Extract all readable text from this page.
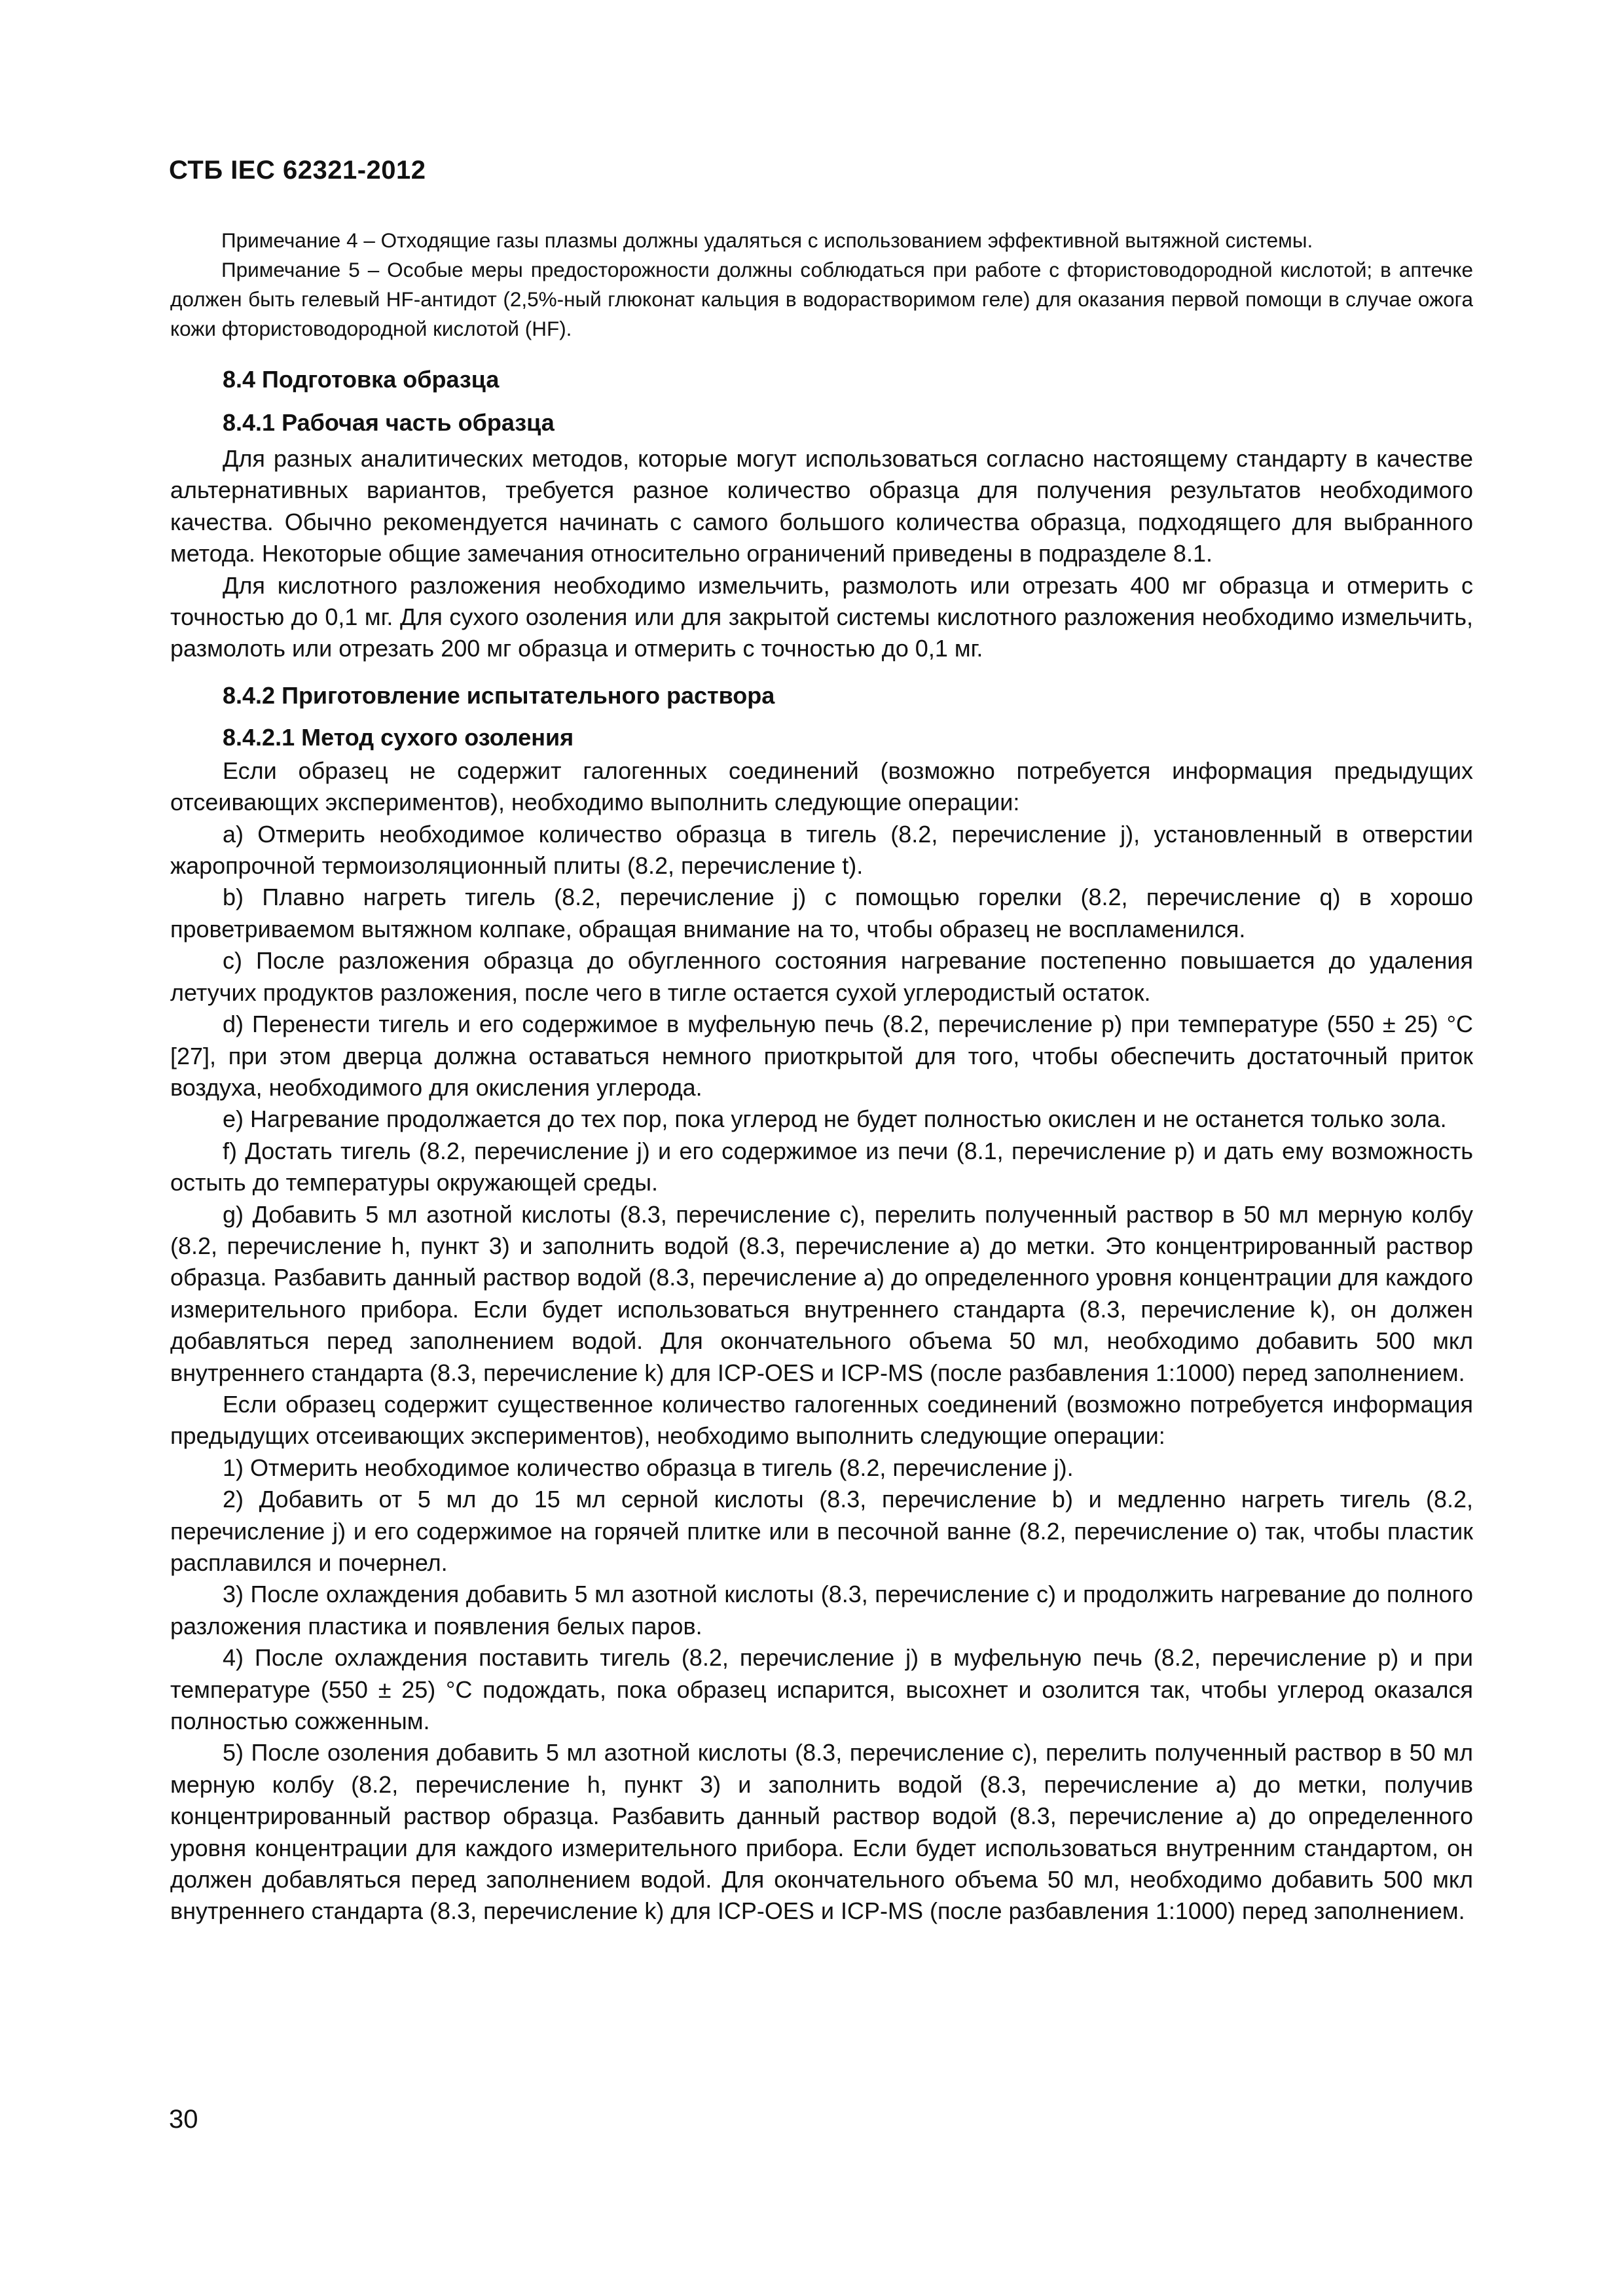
СТБ IEC 62321-2012

Примечание 4 – Отходящие газы плазмы должны удаляться с использованием эффективной вытяжной системы.

Примечание 5 – Особые меры предосторожности должны соблюдаться при работе с фтористоводородной кислотой; в аптечке должен быть гелевый HF-антидот (2,5%-ный глюконат кальция в водорастворимом геле) для оказания первой помощи в случае ожога кожи фтористоводородной кислотой (HF).

8.4 Подготовка образца
8.4.1 Рабочая часть образца

Для разных аналитических методов, которые могут использоваться согласно настоящему стандарту в качестве альтернативных вариантов, требуется разное количество образца для получения результатов необходимого качества. Обычно рекомендуется начинать с самого большого количества образца, подходящего для выбранного метода. Некоторые общие замечания относительно ограничений приведены в подразделе 8.1.

Для кислотного разложения необходимо измельчить, размолоть или отрезать 400 мг образца и отмерить с точностью до 0,1 мг. Для сухого озоления или для закрытой системы кислотного разложения необходимо измельчить, размолоть или отрезать 200 мг образца и отмерить с точностью до 0,1 мг.

8.4.2 Приготовление испытательного раствора
8.4.2.1 Метод сухого озоления

Если образец не содержит галогенных соединений (возможно потребуется информация предыдущих отсеивающих экспериментов), необходимо выполнить следующие операции:

a) Отмерить необходимое количество образца в тигель (8.2, перечисление j), установленный в отверстии жаропрочной термоизоляционный плиты (8.2, перечисление t).

b) Плавно нагреть тигель (8.2, перечисление j) с помощью горелки (8.2, перечисление q) в хорошо проветриваемом вытяжном колпаке, обращая внимание на то, чтобы образец не воспламенился.

c) После разложения образца до обугленного состояния нагревание постепенно повышается до удаления летучих продуктов разложения, после чего в тигле остается сухой углеродистый остаток.

d) Перенести тигель и его содержимое в муфельную печь (8.2, перечисление p) при температуре (550 ± 25) °С [27], при этом дверца должна оставаться немного приоткрытой для того, чтобы обеспечить достаточный приток воздуха, необходимого для окисления углерода.

e) Нагревание продолжается до тех пор, пока углерод не будет полностью окислен и не останется только зола.

f) Достать тигель (8.2, перечисление j) и его содержимое из печи (8.1, перечисление p) и дать ему возможность остыть до температуры окружающей среды.

g) Добавить 5 мл азотной кислоты (8.3, перечисление c), перелить полученный раствор в 50 мл мерную колбу (8.2, перечисление h, пункт 3) и заполнить водой (8.3, перечисление a) до метки. Это концентрированный раствор образца. Разбавить данный раствор водой (8.3, перечисление a) до определенного уровня концентрации для каждого измерительного прибора. Если будет использоваться внутреннего стандарта (8.3, перечисление k), он должен добавляться перед заполнением водой. Для окончательного объема 50 мл, необходимо добавить 500 мкл внутреннего стандарта (8.3, перечисление k) для ICP-OES и ICP-MS (после разбавления 1:1000) перед заполнением.

Если образец содержит существенное количество галогенных соединений (возможно потребуется информация предыдущих отсеивающих экспериментов), необходимо выполнить следующие операции:

1) Отмерить необходимое количество образца в тигель (8.2, перечисление j).

2) Добавить от 5 мл до 15 мл серной кислоты (8.3, перечисление b) и медленно нагреть тигель (8.2, перечисление j) и его содержимое на горячей плитке или в песочной ванне (8.2, перечисление o) так, чтобы пластик расплавился и почернел.

3) После охлаждения добавить 5 мл азотной кислоты (8.3, перечисление c) и продолжить нагревание до полного разложения пластика и появления белых паров.

4) После охлаждения поставить тигель (8.2, перечисление j) в муфельную печь (8.2, перечисление p) и при температуре (550 ± 25) °С подождать, пока образец испарится, высохнет и озолится так, чтобы углерод оказался полностью сожженным.

5) После озоления добавить 5 мл азотной кислоты (8.3, перечисление c), перелить полученный раствор в 50 мл мерную колбу (8.2, перечисление h, пункт 3) и заполнить водой (8.3, перечисление a) до метки, получив концентрированный раствор образца. Разбавить данный раствор водой (8.3, перечисление a) до определенного уровня концентрации для каждого измерительного прибора. Если будет использоваться внутренним стандартом, он должен добавляться перед заполнением водой. Для окончательного объема 50 мл, необходимо добавить 500 мкл внутреннего стандарта (8.3, перечисление k) для ICP-OES и ICP-MS (после разбавления 1:1000) перед заполнением.

30
